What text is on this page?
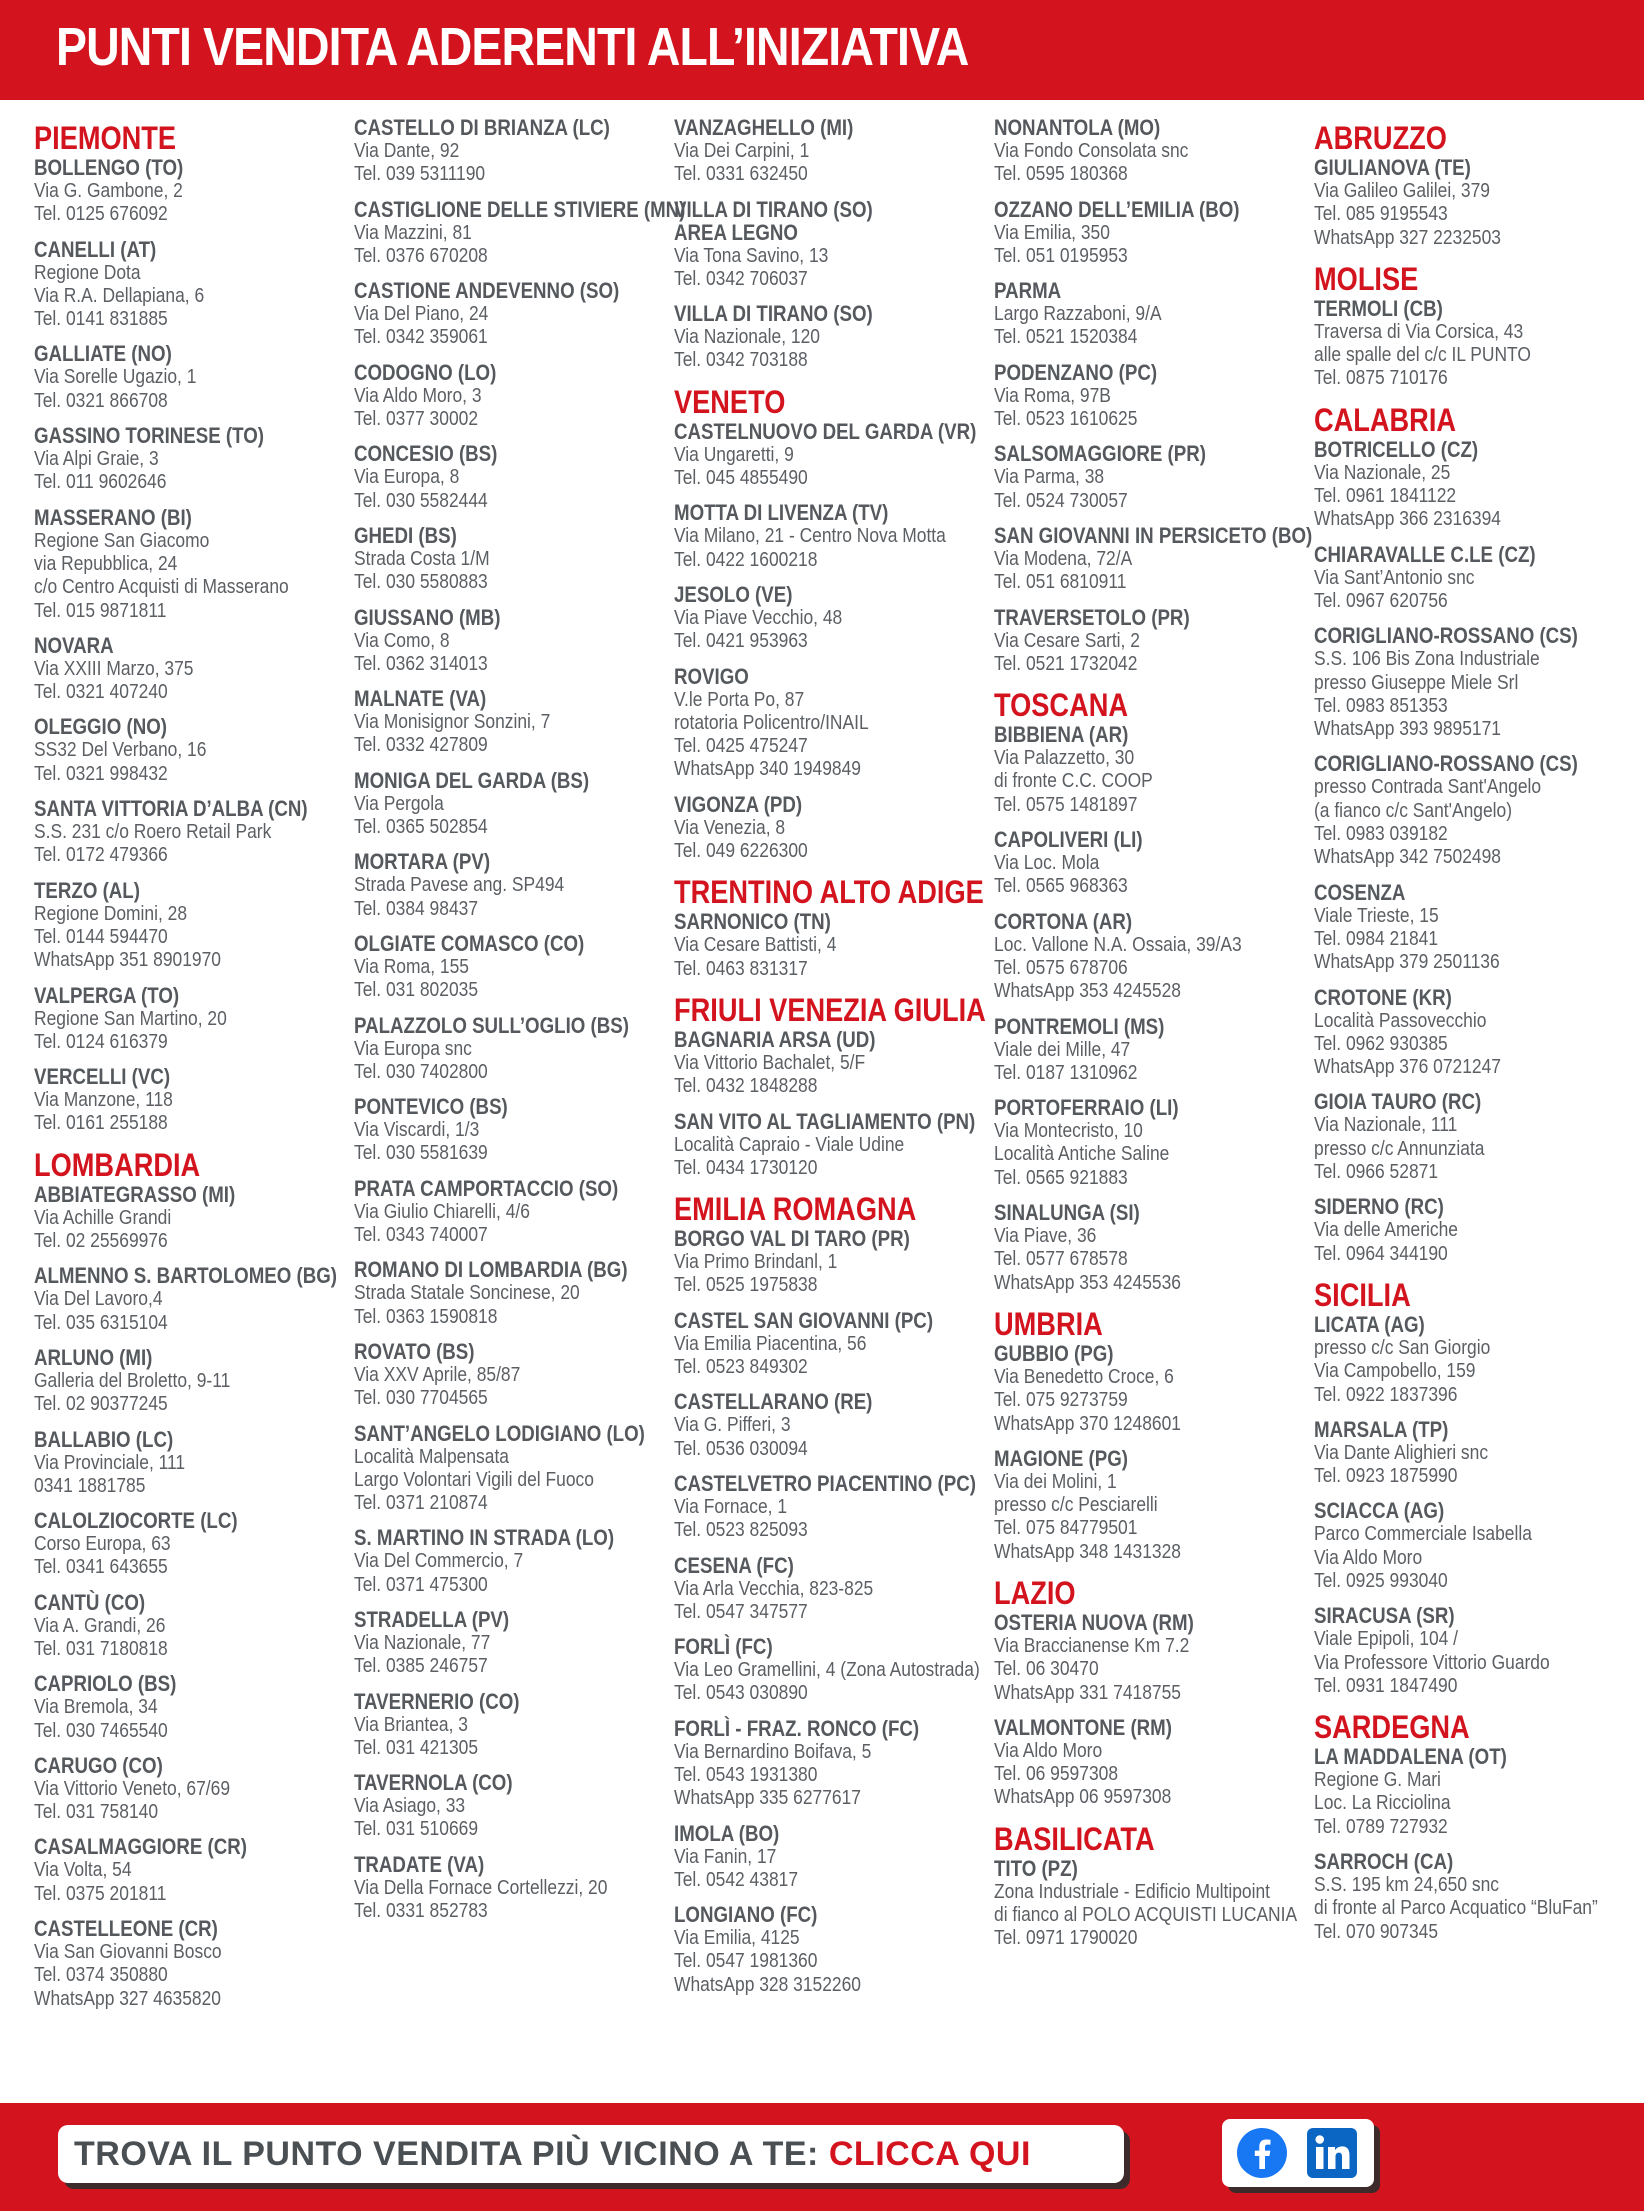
PUNTI VENDITA ADERENTI ALL’INIZIATIVA
PIEMONTE
BOLLENGO (TO)
Via G. Gambone, 2
Tel. 0125 676092
CANELLI (AT)
Regione Dota
Via R.A. Dellapiana, 6
Tel. 0141 831885
GALLIATE (NO)
Via Sorelle Ugazio, 1
Tel. 0321 866708
GASSINO TORINESE (TO)
Via Alpi Graie, 3
Tel. 011 9602646
MASSERANO (BI)
Regione San Giacomo
via Repubblica, 24
c/o Centro Acquisti di Masserano
Tel. 015 9871811
NOVARA
Via XXIII Marzo, 375
Tel. 0321 407240
OLEGGIO (NO)
SS32 Del Verbano, 16
Tel. 0321 998432
SANTA VITTORIA D’ALBA (CN)
S.S. 231 c/o Roero Retail Park
Tel. 0172 479366
TERZO (AL)
Regione Domini, 28
Tel. 0144 594470
WhatsApp 351 8901970
VALPERGA (TO)
Regione San Martino, 20
Tel. 0124 616379
VERCELLI (VC)
Via Manzone, 118
Tel. 0161 255188
LOMBARDIA
ABBIATEGRASSO (MI)
Via Achille Grandi
Tel. 02 25569976
ALMENNO S. BARTOLOMEO (BG)
Via Del Lavoro,4
Tel. 035 6315104
ARLUNO (MI)
Galleria del Broletto, 9-11
Tel. 02 90377245
BALLABIO (LC)
Via Provinciale, 111
0341 1881785
CALOLZIOCORTE (LC)
Corso Europa, 63
Tel. 0341 643655
CANTÙ (CO)
Via A. Grandi, 26
Tel. 031 7180818
CAPRIOLO (BS)
Via Bremola, 34
Tel. 030 7465540
CARUGO (CO)
Via Vittorio Veneto, 67/69
Tel. 031 758140
CASALMAGGIORE (CR)
Via Volta, 54
Tel. 0375 201811
CASTELLEONE (CR)
Via San Giovanni Bosco
Tel. 0374 350880
WhatsApp 327 4635820
CASTELLO DI BRIANZA (LC)
Via Dante, 92
Tel. 039 5311190
CASTIGLIONE DELLE STIVIERE (MN)
Via Mazzini, 81
Tel. 0376 670208
CASTIONE ANDEVENNO (SO)
Via Del Piano, 24
Tel. 0342 359061
CODOGNO (LO)
Via Aldo Moro, 3
Tel. 0377 30002
CONCESIO (BS)
Via Europa, 8
Tel. 030 5582444
GHEDI (BS)
Strada Costa 1/M
Tel. 030 5580883
GIUSSANO (MB)
Via Como, 8
Tel. 0362 314013
MALNATE (VA)
Via Monisignor Sonzini, 7
Tel. 0332 427809
MONIGA DEL GARDA (BS)
Via Pergola
Tel. 0365 502854
MORTARA (PV)
Strada Pavese ang. SP494
Tel. 0384 98437
OLGIATE COMASCO (CO)
Via Roma, 155
Tel. 031 802035
PALAZZOLO SULL’OGLIO (BS)
Via Europa snc
Tel. 030 7402800
PONTEVICO (BS)
Via Viscardi, 1/3
Tel. 030 5581639
PRATA CAMPORTACCIO (SO)
Via Giulio Chiarelli, 4/6
Tel. 0343 740007
ROMANO DI LOMBARDIA (BG)
Strada Statale Soncinese, 20
Tel. 0363 1590818
ROVATO (BS)
Via XXV Aprile, 85/87
Tel. 030 7704565
SANT’ANGELO LODIGIANO (LO)
Località Malpensata
Largo Volontari Vigili del Fuoco
Tel. 0371 210874
S. MARTINO IN STRADA (LO)
Via Del Commercio, 7
Tel. 0371 475300
STRADELLA (PV)
Via Nazionale, 77
Tel. 0385 246757
TAVERNERIO (CO)
Via Briantea, 3
Tel. 031 421305
TAVERNOLA (CO)
Via Asiago, 33
Tel. 031 510669
TRADATE (VA)
Via Della Fornace Cortellezzi, 20
Tel. 0331 852783
VANZAGHELLO (MI)
Via Dei Carpini, 1
Tel. 0331 632450
VILLA DI TIRANO (SO)
AREA LEGNO
Via Tona Savino, 13
Tel. 0342 706037
VILLA DI TIRANO (SO)
Via Nazionale, 120
Tel. 0342 703188
VENETO
CASTELNUOVO DEL GARDA (VR)
Via Ungaretti, 9
Tel. 045 4855490
MOTTA DI LIVENZA (TV)
Via Milano, 21 - Centro Nova Motta
Tel. 0422 1600218
JESOLO (VE)
Via Piave Vecchio, 48
Tel. 0421 953963
ROVIGO
V.le Porta Po, 87
rotatoria Policentro/INAIL
Tel. 0425 475247
WhatsApp 340 1949849
VIGONZA (PD)
Via Venezia, 8
Tel. 049 6226300
TRENTINO ALTO ADIGE
SARNONICO (TN)
Via Cesare Battisti, 4
Tel. 0463 831317
FRIULI VENEZIA GIULIA
BAGNARIA ARSA (UD)
Via Vittorio Bachalet, 5/F
Tel. 0432 1848288
SAN VITO AL TAGLIAMENTO (PN)
Località Capraio - Viale Udine
Tel. 0434 1730120
EMILIA ROMAGNA
BORGO VAL DI TARO (PR)
Via Primo Brindanl, 1
Tel. 0525 1975838
CASTEL SAN GIOVANNI (PC)
Via Emilia Piacentina, 56
Tel. 0523 849302
CASTELLARANO (RE)
Via G. Pifferi, 3
Tel. 0536 030094
CASTELVETRO PIACENTINO (PC)
Via Fornace, 1
Tel. 0523 825093
CESENA (FC)
Via Arla Vecchia, 823-825
Tel. 0547 347577
FORLÌ (FC)
Via Leo Gramellini, 4 (Zona Autostrada)
Tel. 0543 030890
FORLÌ - FRAZ. RONCO (FC)
Via Bernardino Boifava, 5
Tel. 0543 1931380
WhatsApp 335 6277617
IMOLA (BO)
Via Fanin, 17
Tel. 0542 43817
LONGIANO (FC)
Via Emilia, 4125
Tel. 0547 1981360
WhatsApp 328 3152260
NONANTOLA (MO)
Via Fondo Consolata snc
Tel. 0595 180368
OZZANO DELL’EMILIA (BO)
Via Emilia, 350
Tel. 051 0195953
PARMA
Largo Razzaboni, 9/A
Tel. 0521 1520384
PODENZANO (PC)
Via Roma, 97B
Tel. 0523 1610625
SALSOMAGGIORE (PR)
Via Parma, 38
Tel. 0524 730057
SAN GIOVANNI IN PERSICETO (BO)
Via Modena, 72/A
Tel. 051 6810911
TRAVERSETOLO (PR)
Via Cesare Sarti, 2
Tel. 0521 1732042
TOSCANA
BIBBIENA (AR)
Via Palazzetto, 30
di fronte C.C. COOP
Tel. 0575 1481897
CAPOLIVERI (LI)
Via Loc. Mola
Tel. 0565 968363
CORTONA (AR)
Loc. Vallone N.A. Ossaia, 39/A3
Tel. 0575 678706
WhatsApp 353 4245528
PONTREMOLI (MS)
Viale dei Mille, 47
Tel. 0187 1310962
PORTOFERRAIO (LI)
Via Montecristo, 10
Località Antiche Saline
Tel. 0565 921883
SINALUNGA (SI)
Via Piave, 36
Tel. 0577 678578
WhatsApp 353 4245536
UMBRIA
GUBBIO (PG)
Via Benedetto Croce, 6
Tel. 075 9273759
WhatsApp 370 1248601
MAGIONE (PG)
Via dei Molini, 1
presso c/c Pesciarelli
Tel. 075 84779501
WhatsApp 348 1431328
LAZIO
OSTERIA NUOVA (RM)
Via Braccianense Km 7.2
Tel. 06 30470
WhatsApp 331 7418755
VALMONTONE (RM)
Via Aldo Moro
Tel. 06 9597308
WhatsApp 06 9597308
BASILICATA
TITO (PZ)
Zona Industriale - Edificio Multipoint
di fianco al POLO ACQUISTI LUCANIA
Tel. 0971 1790020
ABRUZZO
GIULIANOVA (TE)
Via Galileo Galilei, 379
Tel. 085 9195543
WhatsApp 327 2232503
MOLISE
TERMOLI (CB)
Traversa di Via Corsica, 43
alle spalle del c/c IL PUNTO
Tel. 0875 710176
CALABRIA
BOTRICELLO (CZ)
Via Nazionale, 25
Tel. 0961 1841122
WhatsApp 366 2316394
CHIARAVALLE C.LE (CZ)
Via Sant’Antonio snc
Tel. 0967 620756
CORIGLIANO-ROSSANO (CS)
S.S. 106 Bis Zona Industriale
presso Giuseppe Miele Srl
Tel. 0983 851353
WhatsApp 393 9895171
CORIGLIANO-ROSSANO (CS)
presso Contrada Sant'Angelo
(a fianco c/c Sant'Angelo)
Tel. 0983 039182
WhatsApp 342 7502498
COSENZA
Viale Trieste, 15
Tel. 0984 21841
WhatsApp 379 2501136
CROTONE (KR)
Località Passovecchio
Tel. 0962 930385
WhatsApp 376 0721247
GIOIA TAURO (RC)
Via Nazionale, 111
presso c/c Annunziata
Tel. 0966 52871
SIDERNO (RC)
Via delle Americhe
Tel. 0964 344190
SICILIA
LICATA (AG)
presso c/c San Giorgio
Via Campobello, 159
Tel. 0922 1837396
MARSALA (TP)
Via Dante Alighieri snc
Tel. 0923 1875990
SCIACCA (AG)
Parco Commerciale Isabella
Via Aldo Moro
Tel. 0925 993040
SIRACUSA (SR)
Viale Epipoli, 104 /
Via Professore Vittorio Guardo
Tel. 0931 1847490
SARDEGNA
LA MADDALENA (OT)
Regione G. Mari
Loc. La Ricciolina
Tel. 0789 727932
SARROCH (CA)
S.S. 195 km 24,650 snc
di fronte al Parco Acquatico “BluFan”
Tel. 070 907345
TROVA IL PUNTO VENDITA PIÙ VICINO A TE: CLICCA QUI
